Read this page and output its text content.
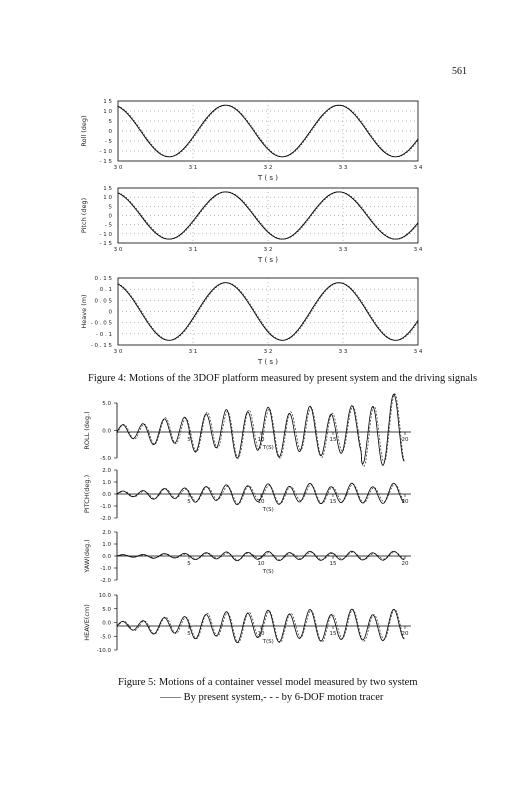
561
1 5
1 0
5
0
- 5
- 1 0
- 1 5
3 0	3 1	3 2	3 3	3 4
T ( s )
Roll (deg)
1 5
1 0
5
0
- 5
- 1 0
- 1 5
3 0	3 1	3 2	3 3	3 4
T ( s )
Pitch (deg)
0 . 1 5
0 . 1
0 . 0 5
0
- 0 . 0 5
- 0 . 1
- 0 . 1 5
3 0	3 1	3 2	3 3	3 4
T ( s )
Heave (m)
5.0
0.0
-5.0
5	10	15	20
T(S)
ROLL (deg.)
2.0
1.0
0.0
-1.0
-2.0
5	10	15	20
T(S)
PITCH(deg.)
2.0
1.0
0.0
-1.0
-2.0
5	10	15	20
T(S)
YAW(deg.)
10.0
5.0
0.0
-5.0
-10.0
5	10	15	20
T(S)
HEAVE(cm)
Figure 4: Motions of the 3DOF platform measured by present system and the driving signals
Figure 5: Motions of a container vessel model measured by two system
—— By present system,- - - by 6-DOF motion tracer
